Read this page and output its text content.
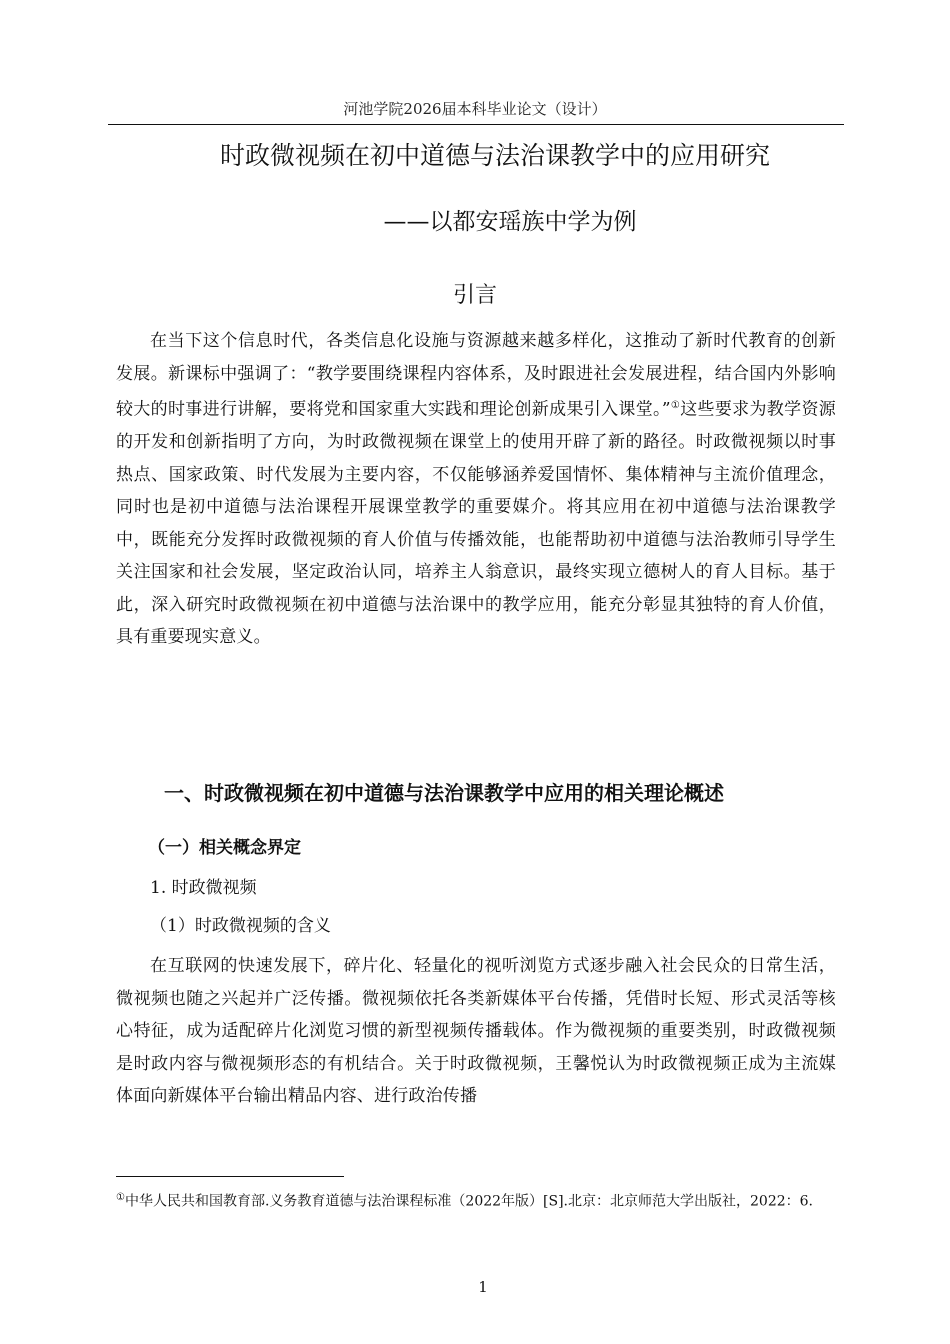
河池学院2026届本科毕业论文（设计）
时政微视频在初中道德与法治课教学中的应用研究
——以都安瑶族中学为例
引言

在当下这个信息时代，各类信息化设施与资源越来越多样化，这推动了新时代教育的创新发展。新课标中强调了：“教学要围绕课程内容体系，及时跟进社会发展进程，结合国内外影响较大的时事进行讲解，要将党和国家重大实践和理论创新成果引入课堂。”①这些要求为教学资源的开发和创新指明了方向，为时政微视频在课堂上的使用开辟了新的路径。时政微视频以时事热点、国家政策、时代发展为主要内容，不仅能够涵养爱国情怀、集体精神与主流价值理念，同时也是初中道德与法治课程开展课堂教学的重要媒介。将其应用在初中道德与法治课教学中，既能充分发挥时政微视频的育人价值与传播效能，也能帮助初中道德与法治教师引导学生关注国家和社会发展，坚定政治认同，培养主人翁意识，最终实现立德树人的育人目标。基于此，深入研究时政微视频在初中道德与法治课中的教学应用，能充分彰显其独特的育人价值，具有重要现实意义。

一、时政微视频在初中道德与法治课教学中应用的相关理论概述
（一）相关概念界定
1. 时政微视频
（1）时政微视频的含义

在互联网的快速发展下，碎片化、轻量化的视听浏览方式逐步融入社会民众的日常生活，微视频也随之兴起并广泛传播。微视频依托各类新媒体平台传播，凭借时长短、形式灵活等核心特征，成为适配碎片化浏览习惯的新型视频传播载体。作为微视频的重要类别，时政微视频是时政内容与微视频形态的有机结合。关于时政微视频，王馨悦认为时政微视频正成为主流媒体面向新媒体平台输出精品内容、进行政治传播

①中华人民共和国教育部.义务教育道德与法治课程标准（2022年版）[S].北京：北京师范大学出版社，2022：6.

1
